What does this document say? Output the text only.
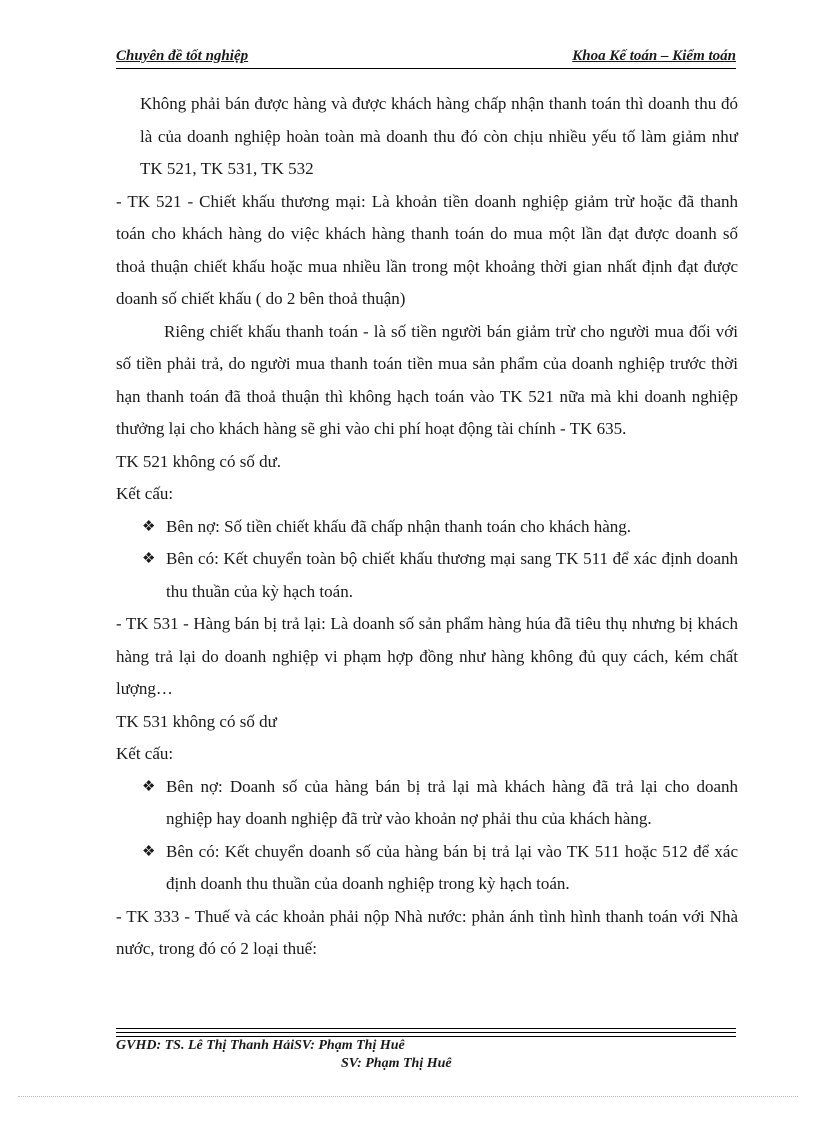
Chuyên đề tốt nghiệp	Khoa Kế toán – Kiểm toán

Không phải bán được hàng và được khách hàng chấp nhận thanh toán thì doanh thu đó là của doanh nghiệp hoàn toàn mà doanh thu đó còn chịu nhiều yếu tố làm giảm như TK 521, TK 531, TK 532

- TK 521 - Chiết khấu thương mại: Là khoản tiền doanh nghiệp giảm trừ hoặc đã thanh toán cho khách hàng do việc khách hàng thanh toán do mua một lần đạt được doanh số thoả thuận chiết khấu hoặc mua nhiều lần trong một khoảng thời gian nhất định đạt được doanh số chiết khấu ( do 2 bên thoả thuận)

Riêng chiết khấu thanh toán - là số tiền người bán giảm trừ cho người mua đối với số tiền phải trả, do người mua thanh toán tiền mua sản phẩm của doanh nghiệp trước thời hạn thanh toán đã thoả thuận thì không hạch toán vào TK 521 nữa mà khi doanh nghiệp thưởng lại cho khách hàng sẽ ghi vào chi phí hoạt động tài chính - TK 635.

TK 521 không có số dư.

Kết cấu:

❖ Bên nợ: Số tiền chiết khấu đã chấp nhận thanh toán cho khách hàng.

❖ Bên có: Kết chuyển toàn bộ chiết khấu thương mại sang TK 511 để xác định doanh thu thuần của kỳ hạch toán.

- TK 531 - Hàng bán bị trả lại: Là doanh số sản phẩm hàng húa đã tiêu thụ nhưng bị khách hàng trả lại do doanh nghiệp vi phạm hợp đồng như hàng không đủ quy cách, kém chất lượng…

TK 531 không có số dư

Kết cấu:

❖ Bên nợ: Doanh số của hàng bán bị trả lại mà khách hàng đã trả lại cho doanh nghiệp hay doanh nghiệp đã trừ vào khoản nợ phải thu của khách hàng.

❖ Bên có: Kết chuyển doanh số của hàng bán bị trả lại vào TK 511 hoặc 512 để xác định doanh thu thuần của doanh nghiệp trong kỳ hạch toán.

- TK 333 - Thuế và các khoản phải nộp Nhà nước: phản ánh tình hình thanh toán với Nhà nước, trong đó có 2 loại thuế:

GVHD: TS. Lê Thị Thanh HảiSV: Phạm Thị Huê
SV: Phạm Thị Huê
